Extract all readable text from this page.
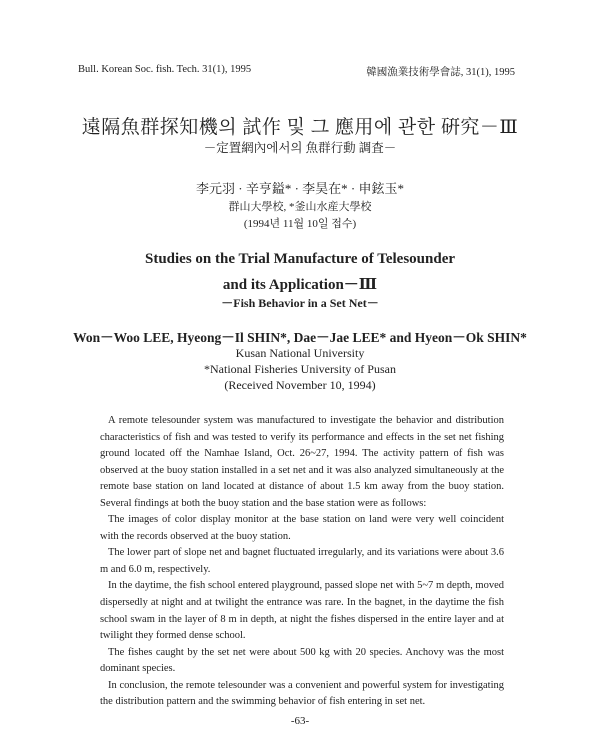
Bull. Korean Soc. fish. Tech. 31(1), 1995	韓國漁業技術學會誌, 31(1), 1995
遠隔魚群探知機의 試作 및 그 應用에 관한 硏究－Ⅲ
－定置網內에서의 魚群行動 調査－
李元羽 · 辛亨鎰* · 李昊在* · 申鉉玉*
群山大學校, *釜山水産大學校
(1994년 11월 10일 접수)
Studies on the Trial Manufacture of Telesounder
and its Application－Ⅲ
－Fish Behavior in a Set Net－
Won－Woo LEE, Hyeong－Il SHIN*, Dae－Jae LEE* and Hyeon－Ok SHIN*
Kusan National University
*National Fisheries University of Pusan
(Received November 10, 1994)

A remote telesounder system was manufactured to investigate the behavior and distribution characteristics of fish and was tested to verify its performance and effects in the set net fishing ground located off the Namhae Island, Oct. 26~27, 1994. The activity pattern of fish was observed at the buoy station installed in a set net and it was also analyzed simultaneously at the remote base station on land located at distance of about 1.5 km away from the buoy station. Several findings at both the buoy station and the base station were as follows:

The images of color display monitor at the base station on land were very well coincident with the records observed at the buoy station.

The lower part of slope net and bagnet fluctuated irregularly, and its variations were about 3.6 m and 6.0 m, respectively.

In the daytime, the fish school entered playground, passed slope net with 5~7 m depth, moved dispersedly at night and at twilight the entrance was rare. In the bagnet, in the daytime the fish school swam in the layer of 8 m in depth, at night the fishes dispersed in the entire layer and at twilight they formed dense school.

The fishes caught by the set net were about 500 kg with 20 species. Anchovy was the most dominant species.

In conclusion, the remote telesounder was a convenient and powerful system for investigating the distribution pattern and the swimming behavior of fish entering in set net.

-63-
